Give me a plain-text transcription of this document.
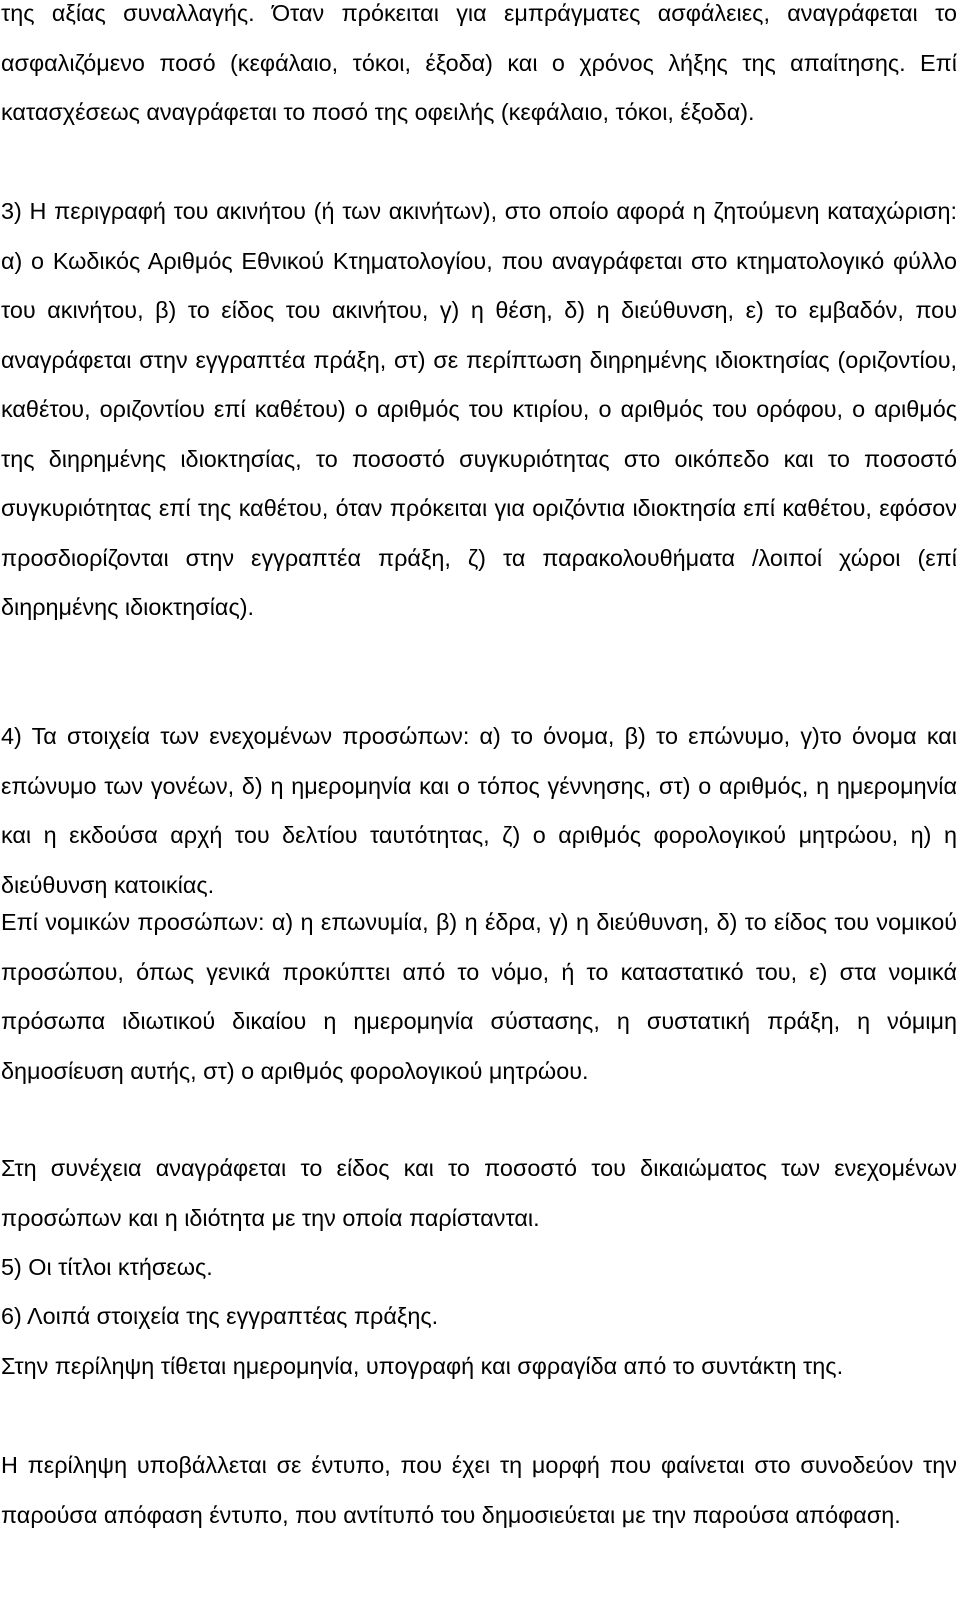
της αξίας συναλλαγής. Όταν πρόκειται για εμπράγματες ασφάλειες, αναγράφεται το ασφαλιζόμενο ποσό (κεφάλαιο, τόκοι, έξοδα) και ο χρόνος λήξης της απαίτησης. Επί κατασχέσεως αναγράφεται το ποσό της οφειλής (κεφάλαιο, τόκοι, έξοδα).

3) Η περιγραφή του ακινήτου (ή των ακινήτων), στο οποίο αφορά η ζητούμενη καταχώριση: α) ο Κωδικός Αριθμός Εθνικού Κτηματολογίου, που αναγράφεται στο κτηματολογικό φύλλο του ακινήτου, β) το είδος του ακινήτου, γ) η θέση, δ) η διεύθυνση, ε) το εμβαδόν, που αναγράφεται στην εγγραπτέα πράξη, στ) σε περίπτωση διηρημένης ιδιοκτησίας (οριζοντίου, καθέτου, οριζοντίου επί καθέτου) ο αριθμός του κτιρίου, ο αριθμός του ορόφου, ο αριθμός της διηρημένης ιδιοκτησίας, το ποσοστό συγκυριότητας στο οικόπεδο και το ποσοστό συγκυριότητας επί της καθέτου, όταν πρόκειται για οριζόντια ιδιοκτησία επί καθέτου, εφόσον προσδιορίζονται στην εγγραπτέα πράξη, ζ) τα παρακολουθήματα /λοιποί χώροι (επί διηρημένης ιδιοκτησίας).

4) Τα στοιχεία των ενεχομένων προσώπων: α) το όνομα, β) το επώνυμο, γ)το όνομα και επώνυμο των γονέων, δ) η ημερομηνία και ο τόπος γέννησης, στ) ο αριθμός, η ημερομηνία και η εκδούσα αρχή του δελτίου ταυτότητας, ζ) ο αριθμός φορολογικού μητρώου, η) η διεύθυνση κατοικίας.

Επί νομικών προσώπων: α) η επωνυμία, β) η έδρα, γ) η διεύθυνση, δ) το είδος του νομικού προσώπου, όπως γενικά προκύπτει από το νόμο, ή το καταστατικό του, ε) στα νομικά πρόσωπα ιδιωτικού δικαίου η ημερομηνία σύστασης, η συστατική πράξη, η νόμιμη δημοσίευση αυτής, στ) ο αριθμός φορολογικού μητρώου.

Στη συνέχεια αναγράφεται το είδος και το ποσοστό του δικαιώματος των ενεχομένων προσώπων και η ιδιότητα με την οποία παρίστανται.

5) Οι τίτλοι κτήσεως.

6) Λοιπά στοιχεία της εγγραπτέας πράξης.

Στην περίληψη τίθεται ημερομηνία, υπογραφή και σφραγίδα από το συντάκτη της.

Η περίληψη υποβάλλεται σε έντυπο, που έχει τη μορφή που φαίνεται στο συνοδεύον την παρούσα απόφαση έντυπο, που αντίτυπό του δημοσιεύεται με την παρούσα απόφαση.
